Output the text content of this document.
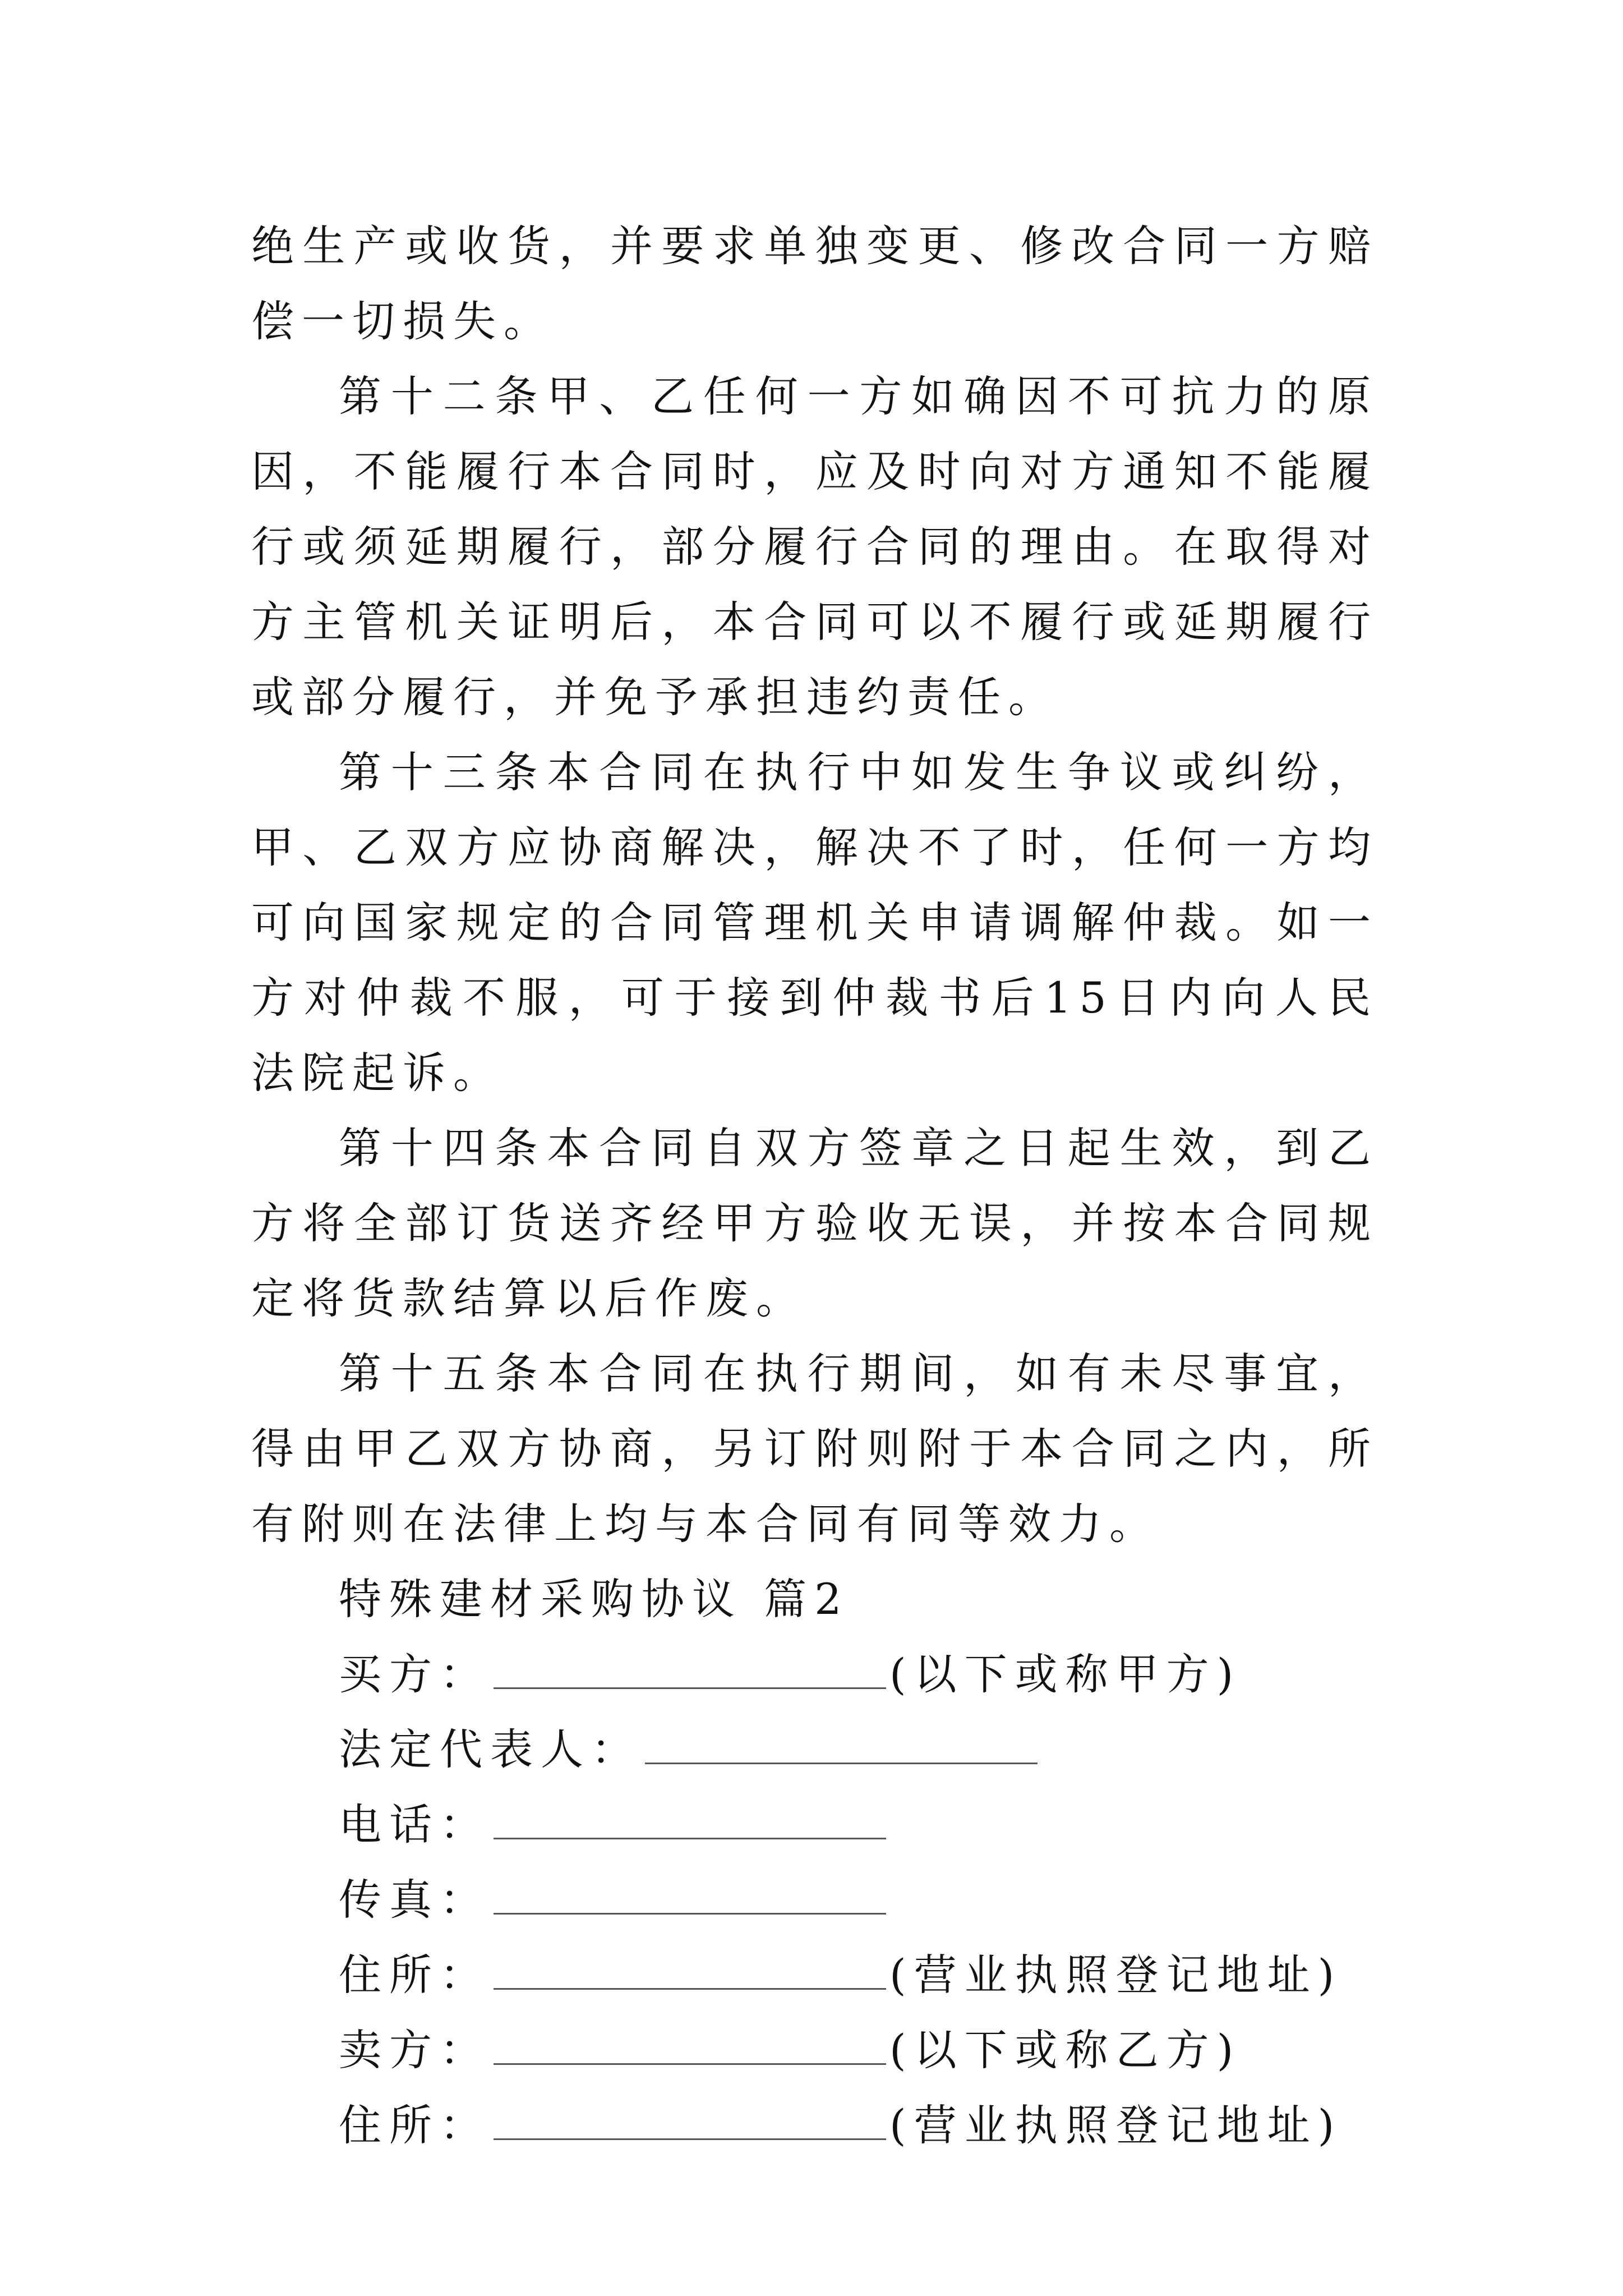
绝生产或收货，并要求单独变更、修改合同一方赔偿一切损失。

第十二条甲、乙任何一方如确因不可抗力的原因，不能履行本合同时，应及时向对方通知不能履行或须延期履行，部分履行合同的理由。在取得对方主管机关证明后，本合同可以不履行或延期履行或部分履行，并免予承担违约责任。

第十三条本合同在执行中如发生争议或纠纷，甲、乙双方应协商解决，解决不了时，任何一方均可向国家规定的合同管理机关申请调解仲裁。如一方对仲裁不服，可于接到仲裁书后15日内向人民法院起诉。

第十四条本合同自双方签章之日起生效，到乙方将全部订货送齐经甲方验收无误，并按本合同规定将货款结算以后作废。

第十五条本合同在执行期间，如有未尽事宜，得由甲乙双方协商，另订附则附于本合同之内，所有附则在法律上均与本合同有同等效力。

特殊建材采购协议 篇2

买方：	(以下或称甲方)
法定代表人：
电话：
传真：
住所：	(营业执照登记地址)
卖方：	(以下或称乙方)
住所：	(营业执照登记地址)
